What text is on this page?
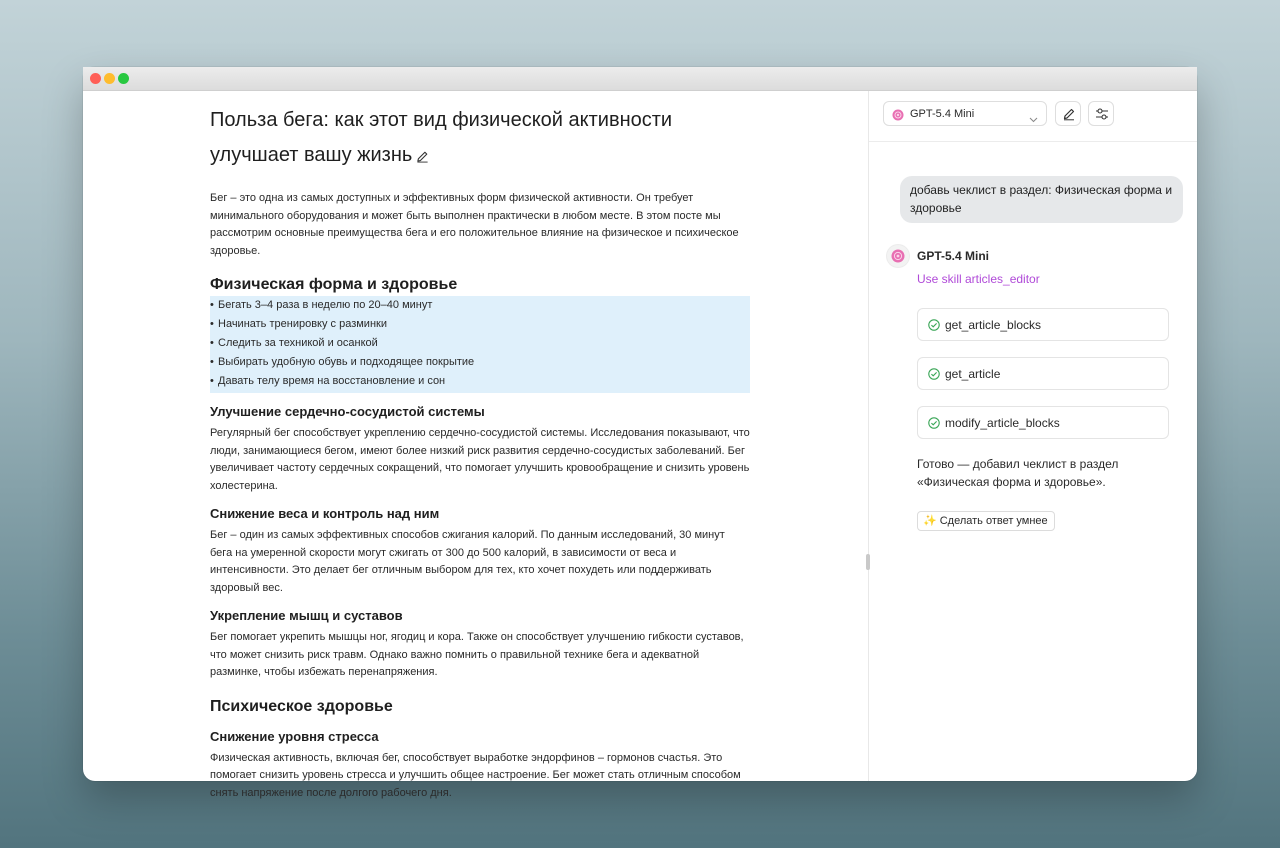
Польза бега: как этот вид физической активности улучшает вашу жизнь

Бег – это одна из самых доступных и эффективных форм физической активности. Он требует минимального оборудования и может быть выполнен практически в любом месте. В этом посте мы рассмотрим основные преимущества бега и его положительное влияние на физическое и психическое здоровье.

Физическая форма и здоровье
• Бегать 3–4 раза в неделю по 20–40 минут
• Начинать тренировку с разминки
• Следить за техникой и осанкой
• Выбирать удобную обувь и подходящее покрытие
• Давать телу время на восстановление и сон
Улучшение сердечно-сосудистой системы

Регулярный бег способствует укреплению сердечно-сосудистой системы. Исследования показывают, что люди, занимающиеся бегом, имеют более низкий риск развития сердечно-сосудистых заболеваний. Бег увеличивает частоту сердечных сокращений, что помогает улучшить кровообращение и снизить уровень холестерина.

Снижение веса и контроль над ним

Бег – один из самых эффективных способов сжигания калорий. По данным исследований, 30 минут бега на умеренной скорости могут сжигать от 300 до 500 калорий, в зависимости от веса и интенсивности. Это делает бег отличным выбором для тех, кто хочет похудеть или поддерживать здоровый вес.

Укрепление мышц и суставов

Бег помогает укрепить мышцы ног, ягодиц и кора. Также он способствует улучшению гибкости суставов, что может снизить риск травм. Однако важно помнить о правильной технике бега и адекватной разминке, чтобы избежать перенапряжения.

Психическое здоровье
Снижение уровня стресса

Физическая активность, включая бег, способствует выработке эндорфинов – гормонов счастья. Это помогает снизить уровень стресса и улучшить общее настроение. Бег может стать отличным способом снять напряжение после долгого рабочего дня.

GPT-5.4 Mini
добавь чеклист в раздел: Физическая форма и здоровье
GPT-5.4 Mini
Use skill articles_editor
get_article_blocks
get_article
modify_article_blocks
Готово — добавил чеклист в раздел «Физическая форма и здоровье».
✨ Сделать ответ умнее
